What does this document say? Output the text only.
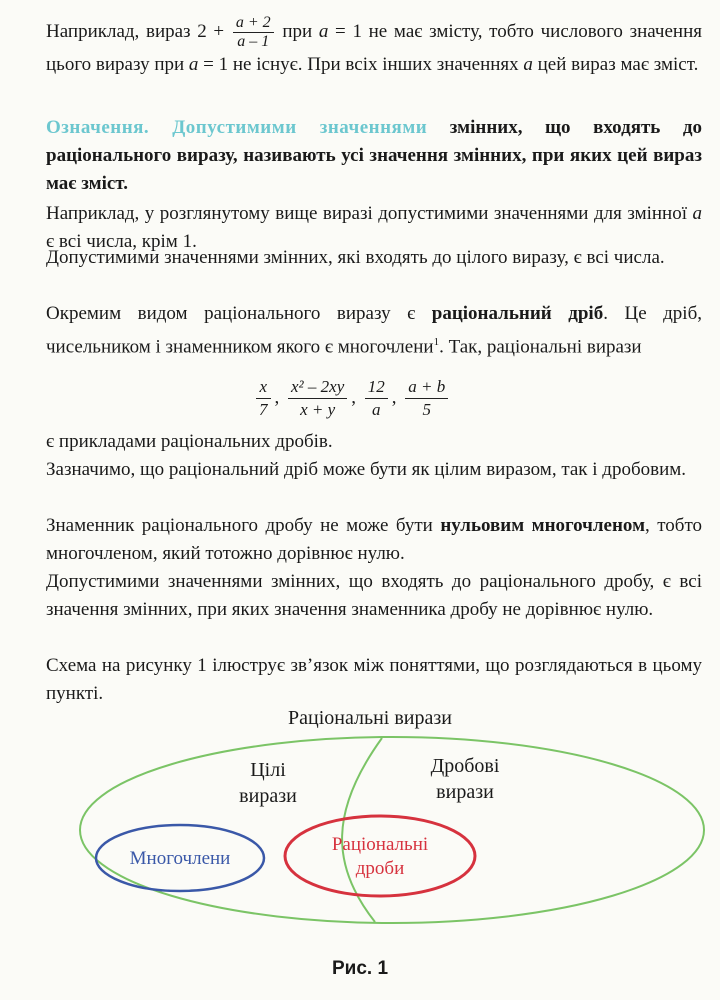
Наприклад, вираз $2 + \frac{a + 2}{a - 1}$ при a = 1 не має змісту, тобто числового значення цього виразу при a = 1 не існує. При всіх інших значеннях a цей вираз має зміст.
Означення. Допустимими значеннями змінних, що входять до раціонального виразу, називають усі значення змінних, при яких цей вираз має зміст.
Наприклад, у розглянутому вище виразі допустимими значеннями для змінної a є всі числа, крім 1.
Допустимими значеннями змінних, які входять до цілого виразу, є всі числа.
Окремим видом раціонального виразу є раціональний дріб. Це дріб, чисельником і знаменником якого є многочлени$^1$. Так, раціональні вирази
$\frac{x}{7}$ , $\frac{\text{x² – 2xy}}{x + y}$ , $\frac{12}{a}$ , $\frac{a + b}{5}$
є прикладами раціональних дробів.
Зазначимо, що раціональний дріб може бути як цілим виразом, так і дробовим.
Знаменник раціонального дробу не може бути нульовим многочленом, тобто многочленом, який тотожно дорівнює нулю.
Допустимими значеннями змінних, що входять до раціонального дробу, є всі значення змінних, при яких значення знаменника дробу не дорівнює нулю.
Схема на рисунку 1 ілюструє зв’язок між поняттями, що розглядаються в цьому пункті.
Раціональні вирази
Цілі
вирази
Дробові
вирази
Многочлени
Раціональні
дроби
Рис. 1
